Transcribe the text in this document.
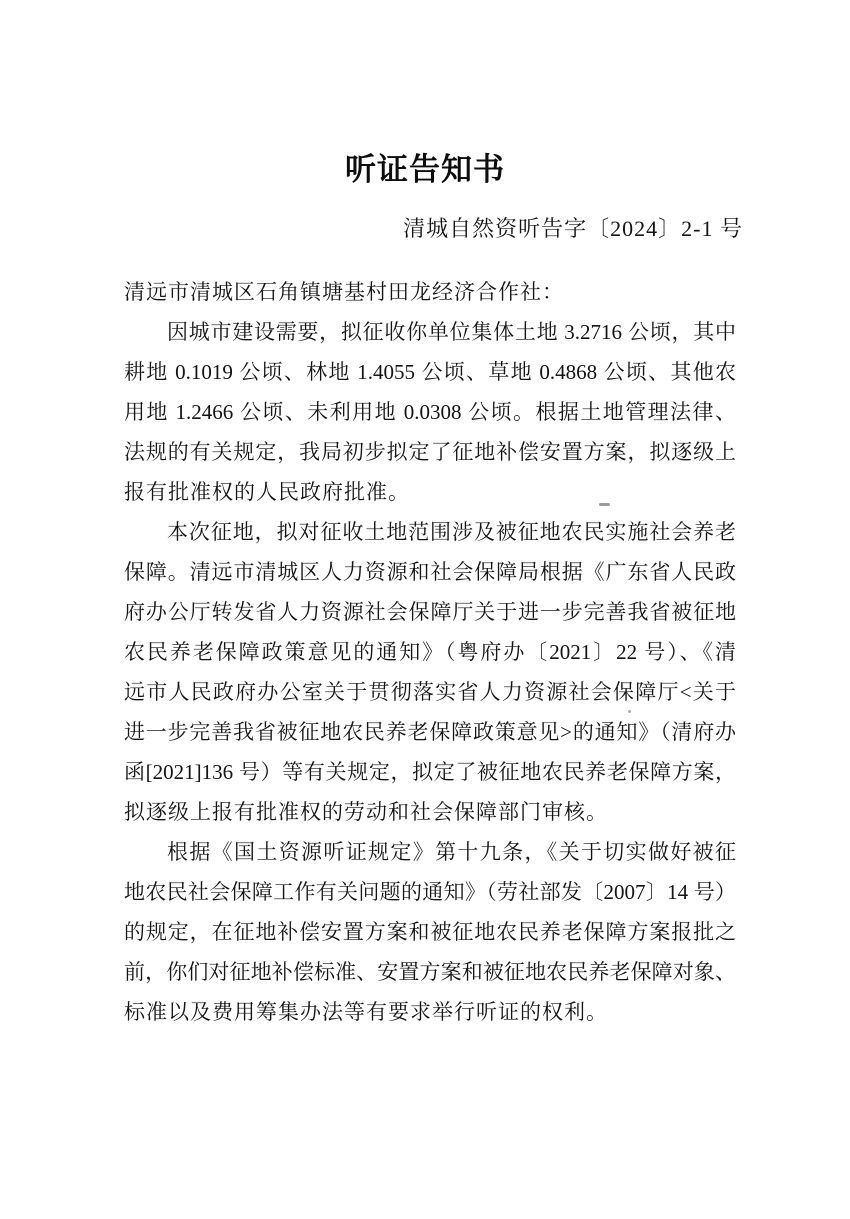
听证告知书
清城自然资听告字〔2024〕2-1 号
清远市清城区石角镇塘基村田龙经济合作社：
因城市建设需要，拟征收你单位集体土地 3.2716 公顷，其中
耕地 0.1019 公顷、林地 1.4055 公顷、草地 0.4868 公顷、其他农
用地 1.2466 公顷、未利用地 0.0308 公顷。根据土地管理法律、
法规的有关规定，我局初步拟定了征地补偿安置方案，拟逐级上
报有批准权的人民政府批准。
本次征地，拟对征收土地范围涉及被征地农民实施社会养老
保障。清远市清城区人力资源和社会保障局根据《广东省人民政
府办公厅转发省人力资源社会保障厅关于进一步完善我省被征地
农民养老保障政策意见的通知》（粤府办〔2021〕22 号）、《清
远市人民政府办公室关于贯彻落实省人力资源社会保障厅<关于
进一步完善我省被征地农民养老保障政策意见>的通知》（清府办
函[2021]136 号）等有关规定，拟定了被征地农民养老保障方案，
拟逐级上报有批准权的劳动和社会保障部门审核。
根据《国土资源听证规定》第十九条，《关于切实做好被征
地农民社会保障工作有关问题的通知》（劳社部发〔2007〕14 号）
的规定，在征地补偿安置方案和被征地农民养老保障方案报批之
前，你们对征地补偿标准、安置方案和被征地农民养老保障对象、
标准以及费用筹集办法等有要求举行听证的权利。
